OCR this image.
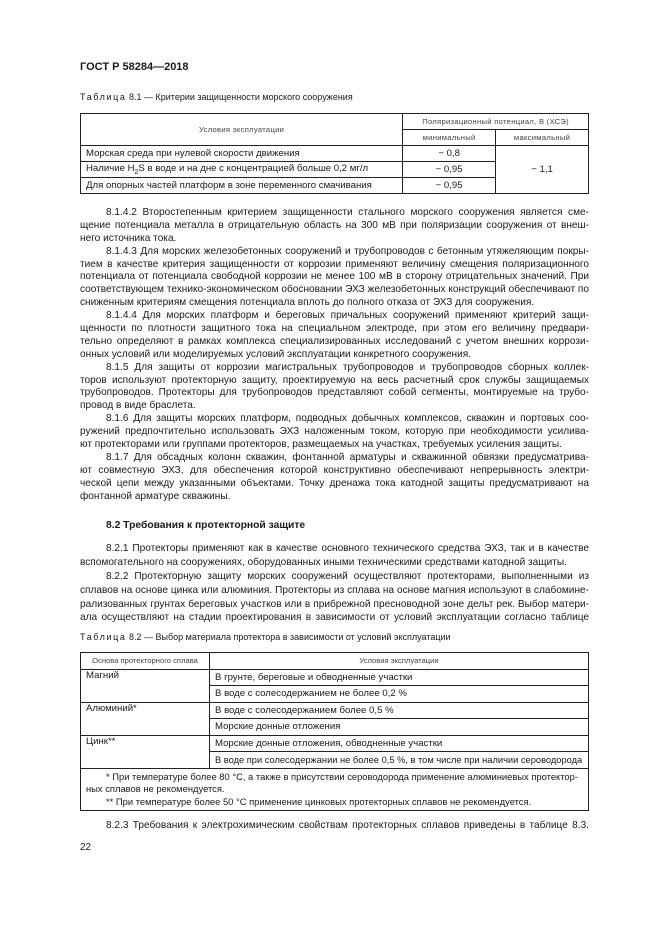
ГОСТ Р 58284—2018
Таблица 8.1 — Критерии защищенности морского сооружения
Условия эксплуатации	Поляризационный потенциал, В (ХСЭ)	
	минимальный	максимальный
Морская среда при нулевой скорости движения	− 0,8	− 1,1
Наличие $H_2S$ в воде и на дне с концентрацией больше 0,2 мг/л	− 0,95	
Для опорных частей платформ в зоне переменного смачивания	− 0,95	
8.1.4.2 Второстепенным критерием защищенности стального морского сооружения является сме-
щение потенциала металла в отрицательную область на 300 мВ при поляризации сооружения от внеш-
него источника тока.
8.1.4.3 Для морских железобетонных сооружений и трубопроводов с бетонным утяжеляющим покры-
тием в качестве критерия защищенности от коррозии применяют величину смещения поляризационного
потенциала от потенциала свободной коррозии не менее 100 мВ в сторону отрицательных значений. При
соответствующем технико-экономическом обосновании ЭХЗ железобетонных конструкций обеспечивают по
сниженным критериям смещения потенциала вплоть до полного отказа от ЭХЗ для сооружения.
8.1.4.4 Для морских платформ и береговых причальных сооружений применяют критерий защи-
щенности по плотности защитного тока на специальном электроде, при этом его величину предвари-
тельно определяют в рамках комплекса специализированных исследований с учетом внешних коррози-
онных условий или моделируемых условий эксплуатации конкретного сооружения.
8.1.5 Для защиты от коррозии магистральных трубопроводов и трубопроводов сборных коллек-
торов используют протекторную защиту, проектируемую на весь расчетный срок службы защищаемых
трубопроводов. Протекторы для трубопроводов представляют собой сегменты, монтируемые на трубо-
провод в виде браслета.
8.1.6 Для защиты морских платформ, подводных добычных комплексов, скважин и портовых соо-
ружений предпочтительно использовать ЭХЗ наложенным током, которую при необходимости усилива-
ют протекторами или группами протекторов, размещаемых на участках, требуемых усиления защиты.
8.1.7 Для обсадных колонн скважин, фонтанной арматуры и скважинной обвязки предусматрива-
ют совместную ЭХЗ, для обеспечения которой конструктивно обеспечивают непрерывность электри-
ческой цепи между указанными объектами. Точку дренажа тока катодной защиты предусматривают на
фонтанной арматуре скважины.
8.2 Требования к протекторной защите
8.2.1 Протекторы применяют как в качестве основного технического средства ЭХЗ, так и в качестве
вспомогательного на сооружениях, оборудованных иными техническими средствами катодной защиты.
8.2.2 Протекторную защиту морских сооружений осуществляют протекторами, выполненными из
сплавов на основе цинка или алюминия. Протекторы из сплава на основе магния используют в слабомине-
рализованных грунтах береговых участков или в прибрежной пресноводной зоне дельт рек. Выбор матери-
ала осуществляют на стадии проектирования в зависимости от условий эксплуатации согласно таблице
Таблица 8.2 — Выбор материала протектора в зависимости от условий эксплуатации
Основа протекторного сплава	Условия эксплуатации
Магний	В грунте, береговые и обводненные участки
	В воде с солесодержанием не более 0,2 %
Алюминий*	В воде с солесодержанием более 0,5 %
	Морские донные отложения
Цинк**	Морские донные отложения, обводненные участки
	В воде при солесодержании не более 0,5 %, в том числе при наличии сероводорода

* При температуре более 80 °С, а также в присутствии сероводорода применение алюминиевых протектор-
ных сплавов не рекомендуется.
** При температуре более 50 °С применение цинковых протекторных сплавов не рекомендуется.	
8.2.3 Требования к электрохимическим свойствам протекторных сплавов приведены в таблице 8.3.
22
